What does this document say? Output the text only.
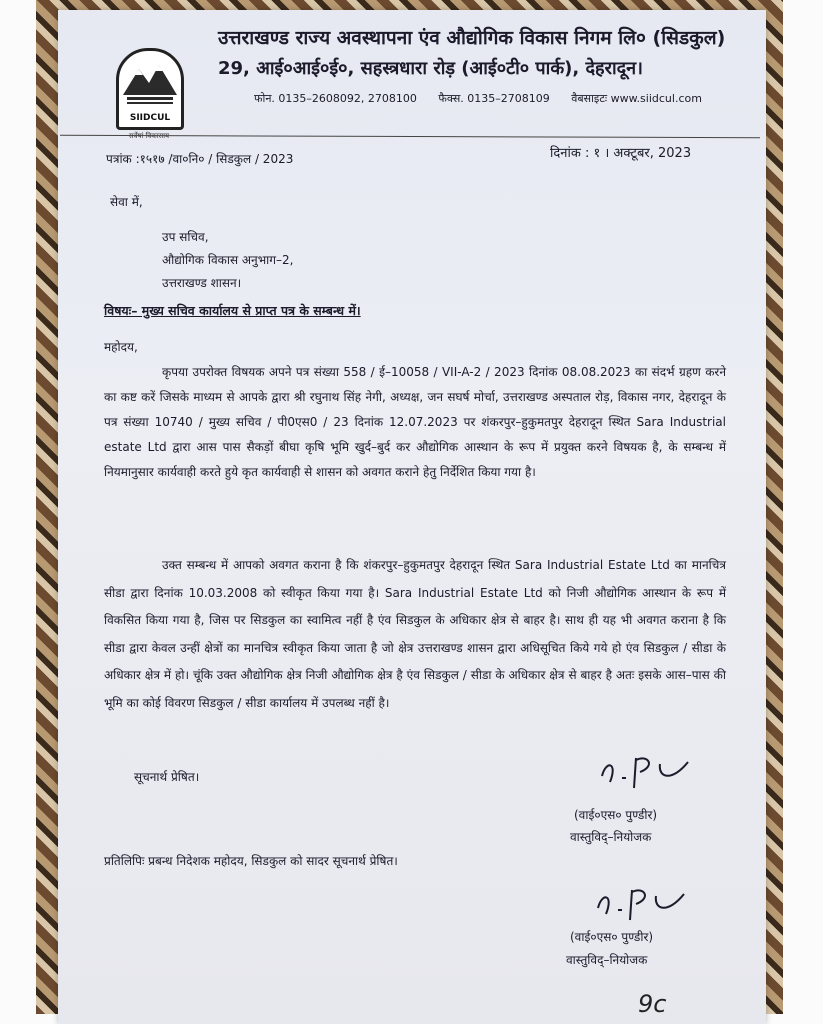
SIIDCUL
उत्तराखण्ड राज्य अवस्थापना एंव औद्योगिक विकास निगम लि० (सिडकुल)
29, आई०आई०ई०, सहस्त्रधारा रोड़ (आई०टी० पार्क), देहरादून।
फोन. 0135–2608092, 2708100 फैक्स. 0135–2708109 वैबसाइटः www.siidcul.com
पत्रांक :१५१७ /वा०नि० / सिडकुल / 2023	दिनांक : १ । अक्टूबर, 2023
सेवा में,
उप सचिव,
औद्योगिक विकास अनुभाग–2,
उत्तराखण्ड शासन।
विषयः– मुख्य सचिव कार्यालय से प्राप्त पत्र के सम्बन्ध में।
महोदय,
कृपया उपरोक्त विषयक अपने पत्र संख्या 558 / ई–10058 / VII-A-2 / 2023 दिनांक 08.08.2023 का संदर्भ ग्रहण करने का कष्ट करें जिसके माध्यम से आपके द्वारा श्री रघुनाथ सिंह नेगी, अध्यक्ष, जन सघर्ष मोर्चा, उत्तराखण्ड अस्पताल रोड़, विकास नगर, देहरादून के पत्र संख्या 10740 / मुख्य सचिव / पी0एस0 / 23 दिनांक 12.07.2023 पर शंकरपुर–हुकुमतपुर देहरादून स्थित Sara Industrial estate Ltd द्वारा आस पास सैकड़ों बीघा कृषि भूमि खुर्द–बुर्द कर औद्योगिक आस्थान के रूप में प्रयुक्त करने विषयक है, के सम्बन्ध में नियमानुसार कार्यवाही करते हुये कृत कार्यवाही से शासन को अवगत कराने हेतु निर्देशित किया गया है।
उक्त सम्बन्ध में आपको अवगत कराना है कि शंकरपुर–हुकुमतपुर देहरादून स्थित Sara Industrial Estate Ltd का मानचित्र सीडा द्वारा दिनांक 10.03.2008 को स्वीकृत किया गया है। Sara Industrial Estate Ltd को निजी औद्योगिक आस्थान के रूप में विकसित किया गया है, जिस पर सिडकुल का स्वामित्व नहीं है एंव सिडकुल के अधिकार क्षेत्र से बाहर है। साथ ही यह भी अवगत कराना है कि सीडा द्वारा केवल उन्हीं क्षेत्रों का मानचित्र स्वीकृत किया जाता है जो क्षेत्र उत्तराखण्ड शासन द्वारा अधिसूचित किये गये हो एंव सिडकुल / सीडा के अधिकार क्षेत्र में हो। चूंकि उक्त औद्योगिक क्षेत्र निजी औद्योगिक क्षेत्र है एंव सिडकुल / सीडा के अधिकार क्षेत्र से बाहर है अतः इसके आस–पास की भूमि का कोई विवरण सिडकुल / सीडा कार्यालय में उपलब्ध नहीं है।
सूचनार्थ प्रेषित।
(वाई०एस० पुण्डीर)
वास्तुविद्–नियोजक
प्रतिलिपिः प्रबन्ध निदेशक महोदय, सिडकुल को सादर सूचनार्थ प्रेषित।
(वाई०एस० पुण्डीर)
वास्तुविद्–नियोजक
9c
